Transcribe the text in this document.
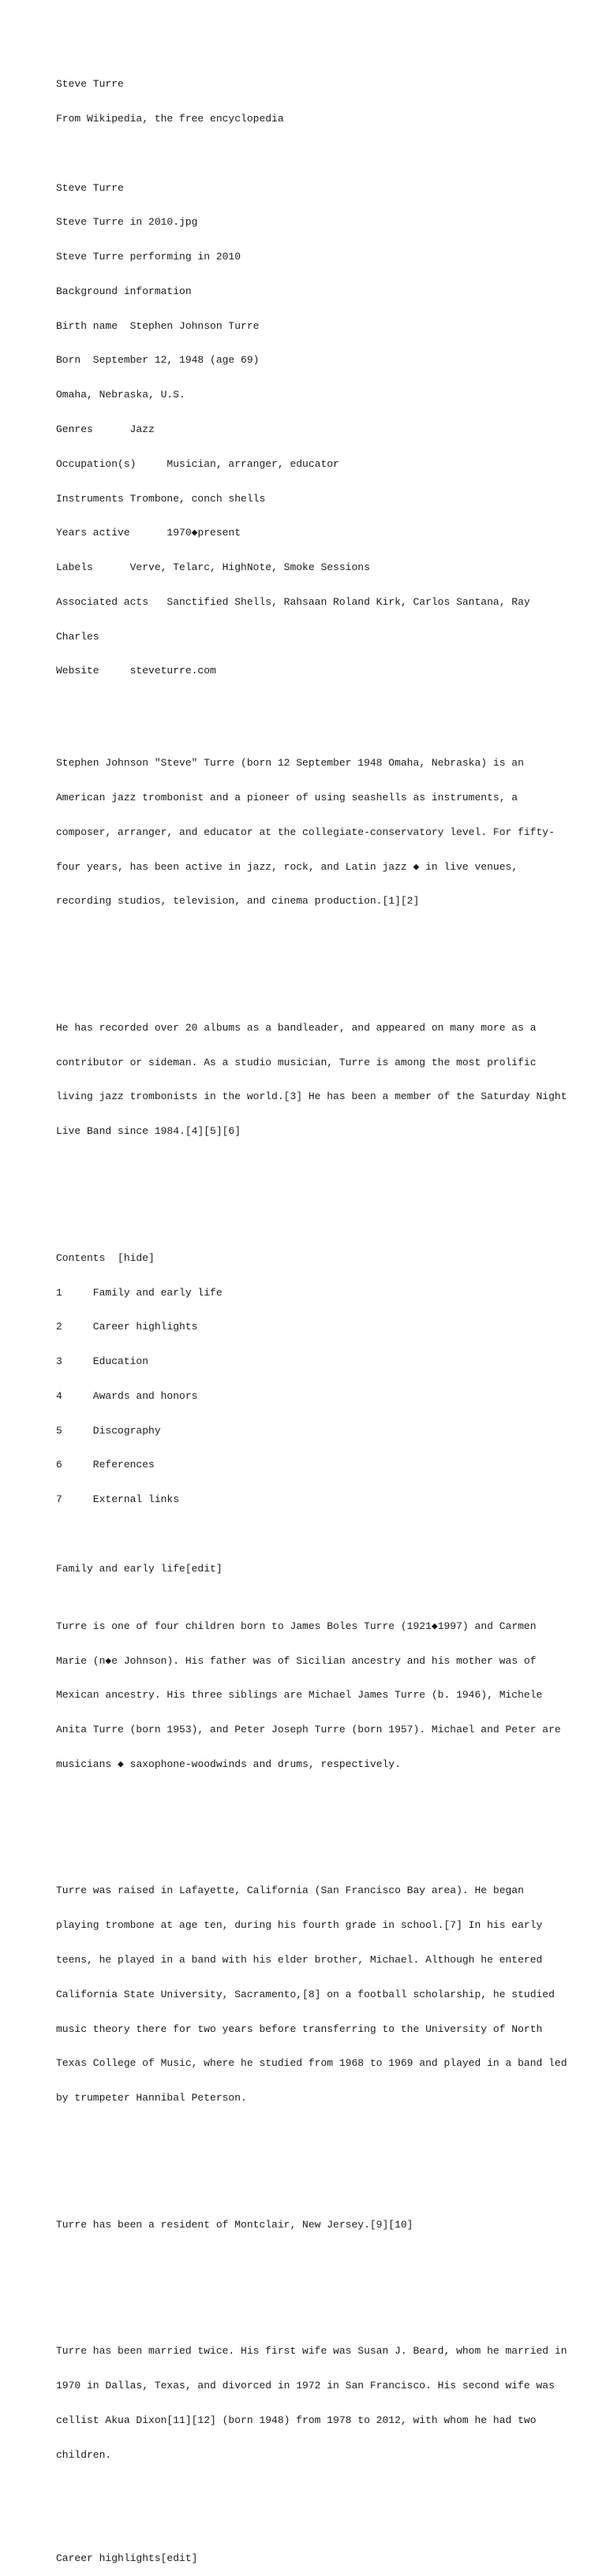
Steve Turre

From Wikipedia, the free encyclopedia

Steve Turre

Steve Turre in 2010.jpg

Steve Turre performing in 2010

Background information

Birth name  Stephen Johnson Turre

Born  September 12, 1948 (age 69)

Omaha, Nebraska, U.S.

Genres      Jazz

Occupation(s)     Musician, arranger, educator

Instruments Trombone, conch shells

Years active      1970◆present

Labels      Verve, Telarc, HighNote, Smoke Sessions

Associated acts   Sanctified Shells, Rahsaan Roland Kirk, Carlos Santana, Ray

Charles

Website     steveturre.com

Stephen Johnson "Steve" Turre (born 12 September 1948 Omaha, Nebraska) is an

American jazz trombonist and a pioneer of using seashells as instruments, a

composer, arranger, and educator at the collegiate-conservatory level. For fifty-

four years, has been active in jazz, rock, and Latin jazz ◆ in live venues,

recording studios, television, and cinema production.[1][2]

He has recorded over 20 albums as a bandleader, and appeared on many more as a

contributor or sideman. As a studio musician, Turre is among the most prolific

living jazz trombonists in the world.[3] He has been a member of the Saturday Night

Live Band since 1984.[4][5][6]

Contents  [hide]

1     Family and early life

2     Career highlights

3     Education

4     Awards and honors

5     Discography

6     References

7     External links

Family and early life[edit]

Turre is one of four children born to James Boles Turre (1921◆1997) and Carmen

Marie (n◆e Johnson). His father was of Sicilian ancestry and his mother was of

Mexican ancestry. His three siblings are Michael James Turre (b. 1946), Michele

Anita Turre (born 1953), and Peter Joseph Turre (born 1957). Michael and Peter are

musicians ◆ saxophone-woodwinds and drums, respectively.

Turre was raised in Lafayette, California (San Francisco Bay area). He began

playing trombone at age ten, during his fourth grade in school.[7] In his early

teens, he played in a band with his elder brother, Michael. Although he entered

California State University, Sacramento,[8] on a football scholarship, he studied

music theory there for two years before transferring to the University of North

Texas College of Music, where he studied from 1968 to 1969 and played in a band led

by trumpeter Hannibal Peterson.

Turre has been a resident of Montclair, New Jersey.[9][10]

Turre has been married twice. His first wife was Susan J. Beard, whom he married in

1970 in Dallas, Texas, and divorced in 1972 in San Francisco. His second wife was

cellist Akua Dixon[11][12] (born 1948) from 1978 to 2012, with whom he had two

children.

Career highlights[edit]
